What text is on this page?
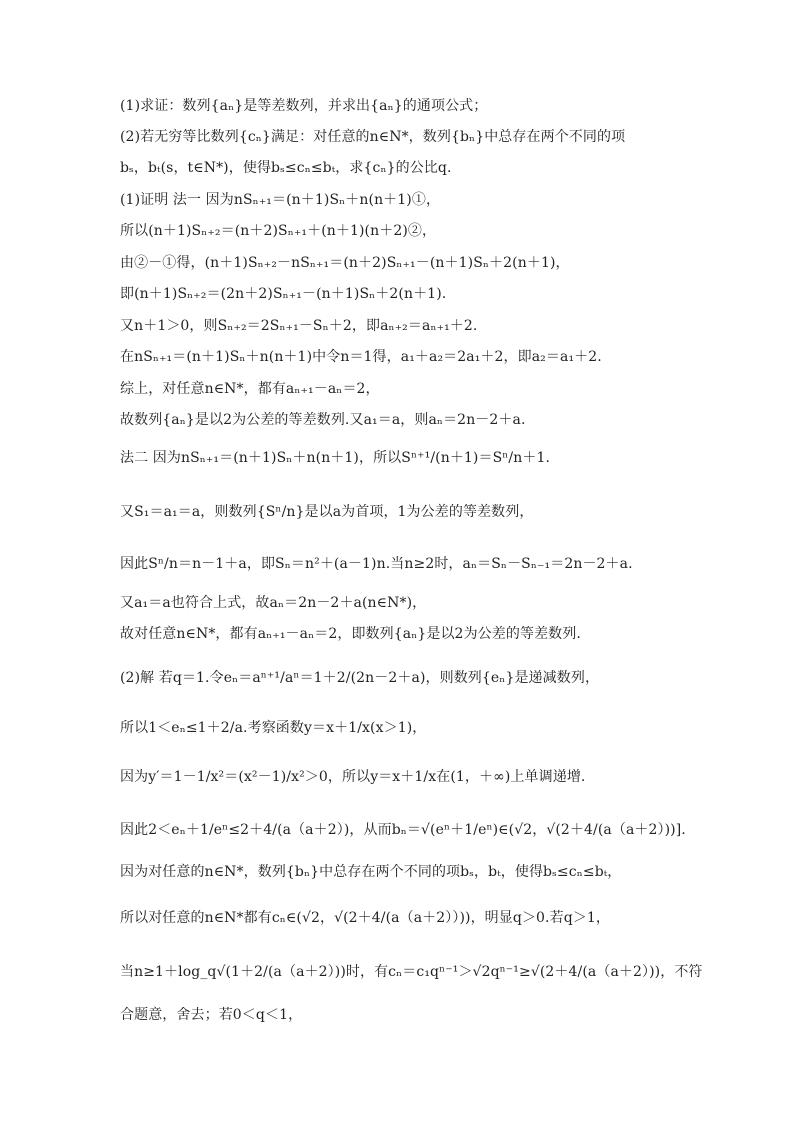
(1)求证：数列{aₙ}是等差数列，并求出{aₙ}的通项公式；
(2)若无穷等比数列{cₙ}满足：对任意的n∈N*，数列{bₙ}中总存在两个不同的项
bₛ，bₜ(s，t∈N*)，使得bₛ≤cₙ≤bₜ，求{cₙ}的公比q.
(1)证明 法一 因为nSₙ₊₁＝(n＋1)Sₙ＋n(n＋1)①，
所以(n＋1)Sₙ₊₂＝(n＋2)Sₙ₊₁＋(n＋1)(n＋2)②，
由②－①得，(n＋1)Sₙ₊₂－nSₙ₊₁＝(n＋2)Sₙ₊₁－(n＋1)Sₙ＋2(n＋1)，
即(n＋1)Sₙ₊₂＝(2n＋2)Sₙ₊₁－(n＋1)Sₙ＋2(n＋1).
又n＋1＞0，则Sₙ₊₂＝2Sₙ₊₁－Sₙ＋2，即aₙ₊₂＝aₙ₊₁＋2.
在nSₙ₊₁＝(n＋1)Sₙ＋n(n＋1)中令n＝1得，a₁＋a₂＝2a₁＋2，即a₂＝a₁＋2.
综上，对任意n∈N*，都有aₙ₊₁－aₙ＝2，
故数列{aₙ}是以2为公差的等差数列.又a₁＝a，则aₙ＝2n－2＋a.
法二 因为nSₙ₊₁＝(n＋1)Sₙ＋n(n＋1)，所以Sⁿ⁺¹/(n＋1)＝Sⁿ/n＋1.
又S₁＝a₁＝a，则数列{Sⁿ/n}是以a为首项，1为公差的等差数列，
因此Sⁿ/n＝n－1＋a，即Sₙ＝n²＋(a－1)n.当n≥2时，aₙ＝Sₙ－Sₙ₋₁＝2n－2＋a.
又a₁＝a也符合上式，故aₙ＝2n－2＋a(n∈N*)，
故对任意n∈N*，都有aₙ₊₁－aₙ＝2，即数列{aₙ}是以2为公差的等差数列.
(2)解 若q＝1.令eₙ＝aⁿ⁺¹/aⁿ＝1＋2/(2n－2＋a)，则数列{eₙ}是递减数列，
所以1＜eₙ≤1＋2/a.考察函数y＝x＋1/x(x＞1)，
因为y′＝1－1/x²＝(x²－1)/x²＞0，所以y＝x＋1/x在(1，＋∞)上单调递增.
因此2＜eₙ＋1/eⁿ≤2＋4/(a（a＋2）)，从而bₙ＝√(eⁿ＋1/eⁿ)∈(√2，√(2＋4/(a（a＋2）))].
因为对任意的n∈N*，数列{bₙ}中总存在两个不同的项bₛ，bₜ，使得bₛ≤cₙ≤bₜ，
所以对任意的n∈N*都有cₙ∈(√2，√(2＋4/(a（a＋2））))，明显q＞0.若q＞1，
当n≥1＋log_q√(1＋2/(a（a＋2）))时，有cₙ＝c₁qⁿ⁻¹＞√2qⁿ⁻¹≥√(2＋4/(a（a＋2）))，不符
合题意，舍去；若0＜q＜1，
